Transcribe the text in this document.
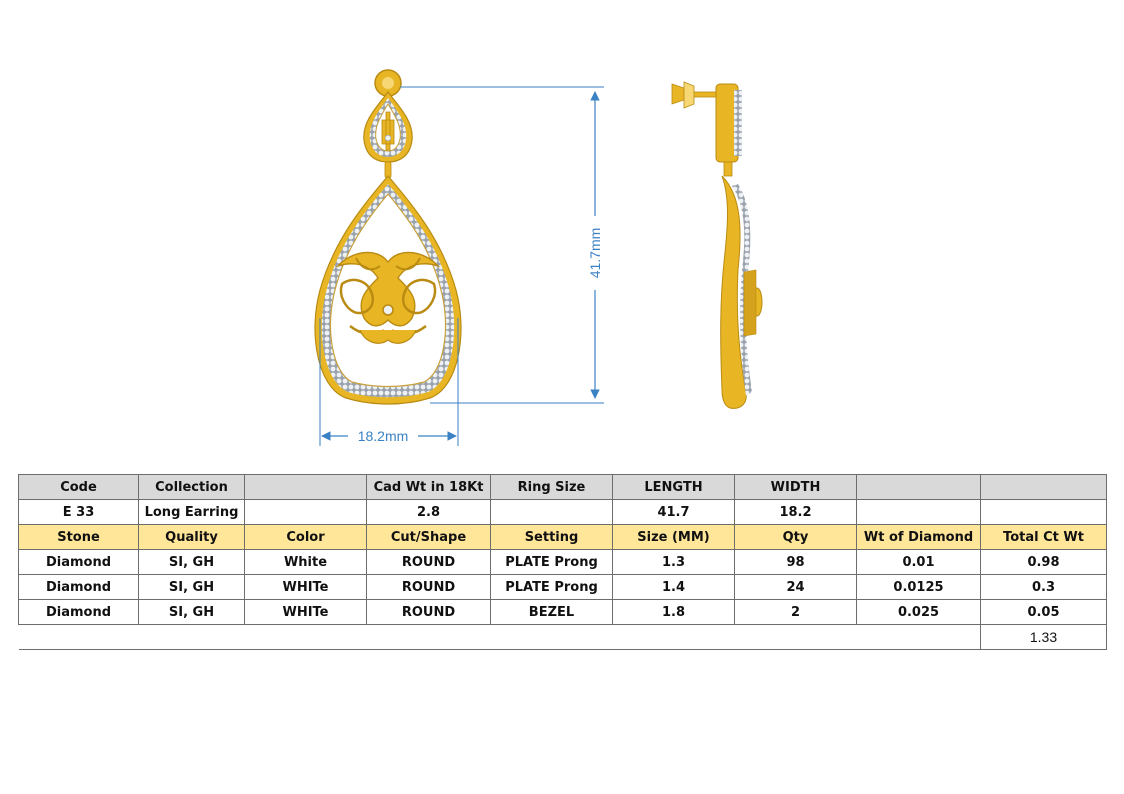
41.7mm
18.2mm
Code	Collection		Cad Wt in 18Kt	Ring Size	LENGTH	WIDTH		
E 33	Long Earring		2.8		41.7	18.2		
Stone	Quality	Color	Cut/Shape	Setting	Size (MM)	Qty	Wt of Diamond	Total Ct Wt
Diamond	SI, GH	White	ROUND	PLATE Prong	1.3	98	0.01	0.98
Diamond	SI, GH	WHITe	ROUND	PLATE Prong	1.4	24	0.0125	0.3
Diamond	SI, GH	WHITe	ROUND	BEZEL	1.8	2	0.025	0.05
								1.33
